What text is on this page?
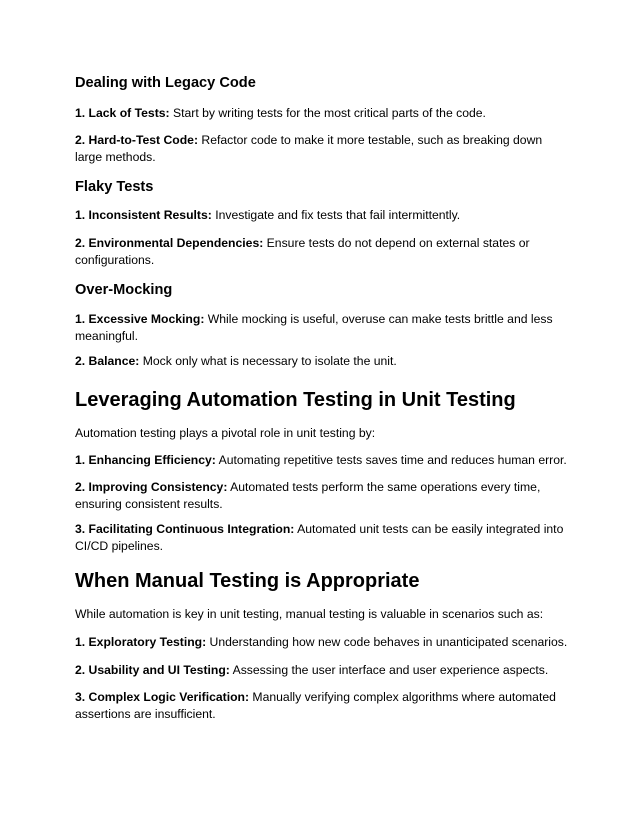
Dealing with Legacy Code

1. Lack of Tests: Start by writing tests for the most critical parts of the code.

2. Hard-to-Test Code: Refactor code to make it more testable, such as breaking down large methods.

Flaky Tests

1. Inconsistent Results: Investigate and fix tests that fail intermittently.

2. Environmental Dependencies: Ensure tests do not depend on external states or configurations.

Over-Mocking

1. Excessive Mocking: While mocking is useful, overuse can make tests brittle and less meaningful.

2. Balance: Mock only what is necessary to isolate the unit.

Leveraging Automation Testing in Unit Testing

Automation testing plays a pivotal role in unit testing by:

1. Enhancing Efficiency: Automating repetitive tests saves time and reduces human error.

2. Improving Consistency: Automated tests perform the same operations every time, ensuring consistent results.

3. Facilitating Continuous Integration: Automated unit tests can be easily integrated into CI/CD pipelines.

When Manual Testing is Appropriate

While automation is key in unit testing, manual testing is valuable in scenarios such as:

1. Exploratory Testing: Understanding how new code behaves in unanticipated scenarios.

2. Usability and UI Testing: Assessing the user interface and user experience aspects.

3. Complex Logic Verification: Manually verifying complex algorithms where automated assertions are insufficient.
